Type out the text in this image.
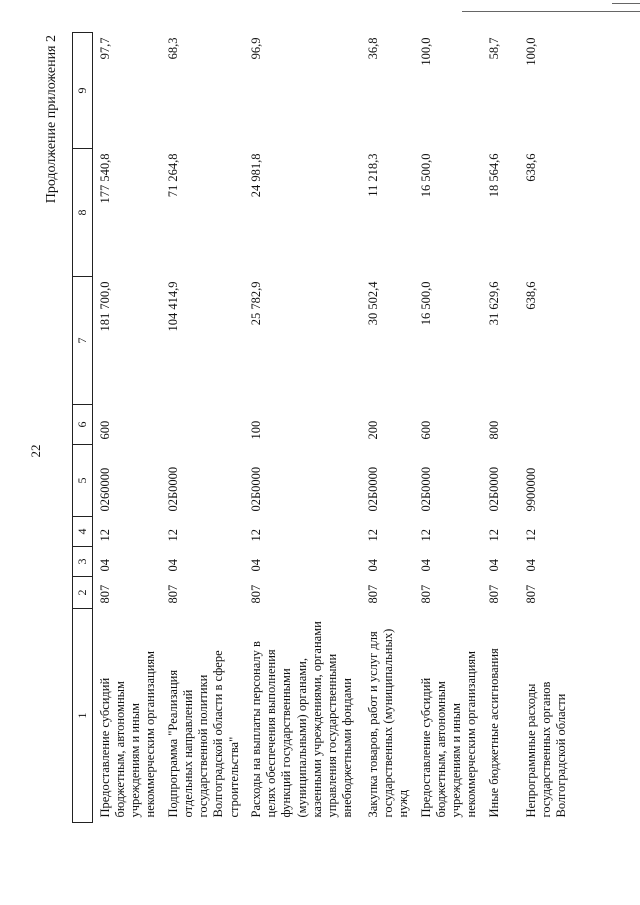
22
Продолжение приложения 2
1	2	3	4	5	6	7	8	9
Предоставление субсидий бюджетным, автономным учреждениям и иным некоммерческим организациям	807	04	12	0260000	600	181 700,0	177 540,8	97,7
Подпрограмма "Реализация отдельных направлений государственной политики Волгоградской области в сфере строительства"	807	04	12	02Б0000		104 414,9	71 264,8	68,3
Расходы на выплаты персоналу в целях обеспечения выполнения функций государственными (муниципальными) органами, казенными учреждениями, органами управления государственными внебюджетными фондами	807	04	12	02Б0000	100	25 782,9	24 981,8	96,9
Закупка товаров, работ и услуг для государственных (муниципальных) нужд	807	04	12	02Б0000	200	30 502,4	11 218,3	36,8
Предоставление субсидий бюджетным, автономным учреждениям и иным некоммерческим организациям	807	04	12	02Б0000	600	16 500,0	16 500,0	100,0
Иные бюджетные ассигнования	807	04	12	02Б0000	800	31 629,6	18 564,6	58,7
Непрограммные расходы государственных органов Волгоградской области	807	04	12	9900000		638,6	638,6	100,0
